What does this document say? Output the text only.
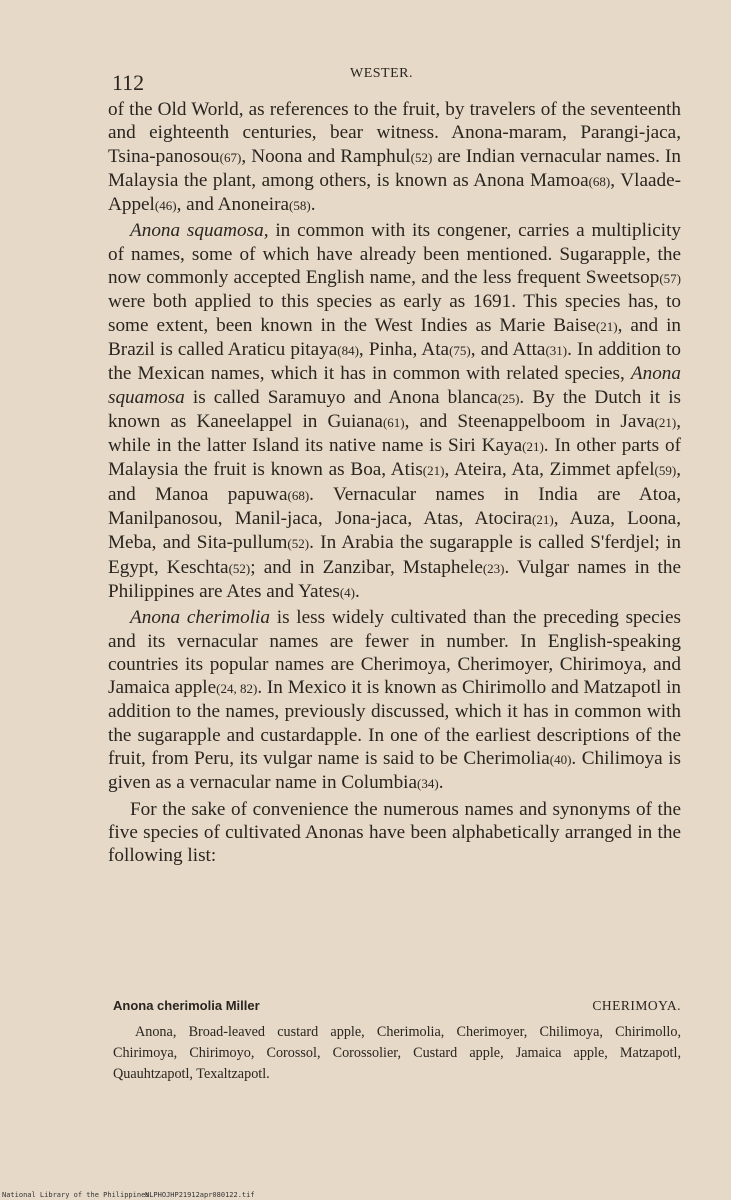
112	WESTER.

of the Old World, as references to the fruit, by travelers of the seventeenth and eighteenth centuries, bear witness. Anona-maram, Parangi-jaca, Tsina-panosou(67), Noona and Ramphul(52) are Indian vernacular names. In Malaysia the plant, among others, is known as Anona Mamoa(68), Vlaade-Appel(46), and Anoneira(58).

Anona squamosa, in common with its congener, carries a multiplicity of names, some of which have already been mentioned. Sugarapple, the now commonly accepted English name, and the less frequent Sweetsop(57) were both applied to this species as early as 1691. This species has, to some extent, been known in the West Indies as Marie Baise(21), and in Brazil is called Araticu pitaya(84), Pinha, Ata(75), and Atta(31). In addition to the Mexican names, which it has in common with related species, Anona squamosa is called Saramuyo and Anona blanca(25). By the Dutch it is known as Kaneelappel in Guiana(61), and Steenappelboom in Java(21), while in the latter Island its native name is Siri Kaya(21). In other parts of Malaysia the fruit is known as Boa, Atis(21), Ateira, Ata, Zimmet apfel(59), and Manoa papuwa(68). Vernacular names in India are Atoa, Manilpanosou, Manil-jaca, Jona-jaca, Atas, Atocira(21), Auza, Loona, Meba, and Sita-pullum(52). In Arabia the sugarapple is called S'ferdjel; in Egypt, Keschta(52); and in Zanzibar, Mstaphele(23). Vulgar names in the Philippines are Ates and Yates(4).

Anona cherimolia is less widely cultivated than the preceding species and its vernacular names are fewer in number. In English-speaking countries its popular names are Cherimoya, Cherimoyer, Chirimoya, and Jamaica apple(24, 82). In Mexico it is known as Chirimollo and Matzapotl in addition to the names, previously discussed, which it has in common with the sugarapple and custardapple. In one of the earliest descriptions of the fruit, from Peru, its vulgar name is said to be Cherimolia(40). Chilimoya is given as a vernacular name in Columbia(34).

For the sake of convenience the numerous names and synonyms of the five species of cultivated Anonas have been alphabetically arranged in the following list:

Anona cherimolia Miller	CHERIMOYA.
Anona, Broad-leaved custard apple, Cherimolia, Cherimoyer, Chilimoya, Chirimollo, Chirimoya, Chirimoyo, Corossol, Corossolier, Custard apple, Jamaica apple, Matzapotl, Quauhtzapotl, Texaltzapotl.
National Library of the Philippines
NLPHOJHP21912apr080122.tif
